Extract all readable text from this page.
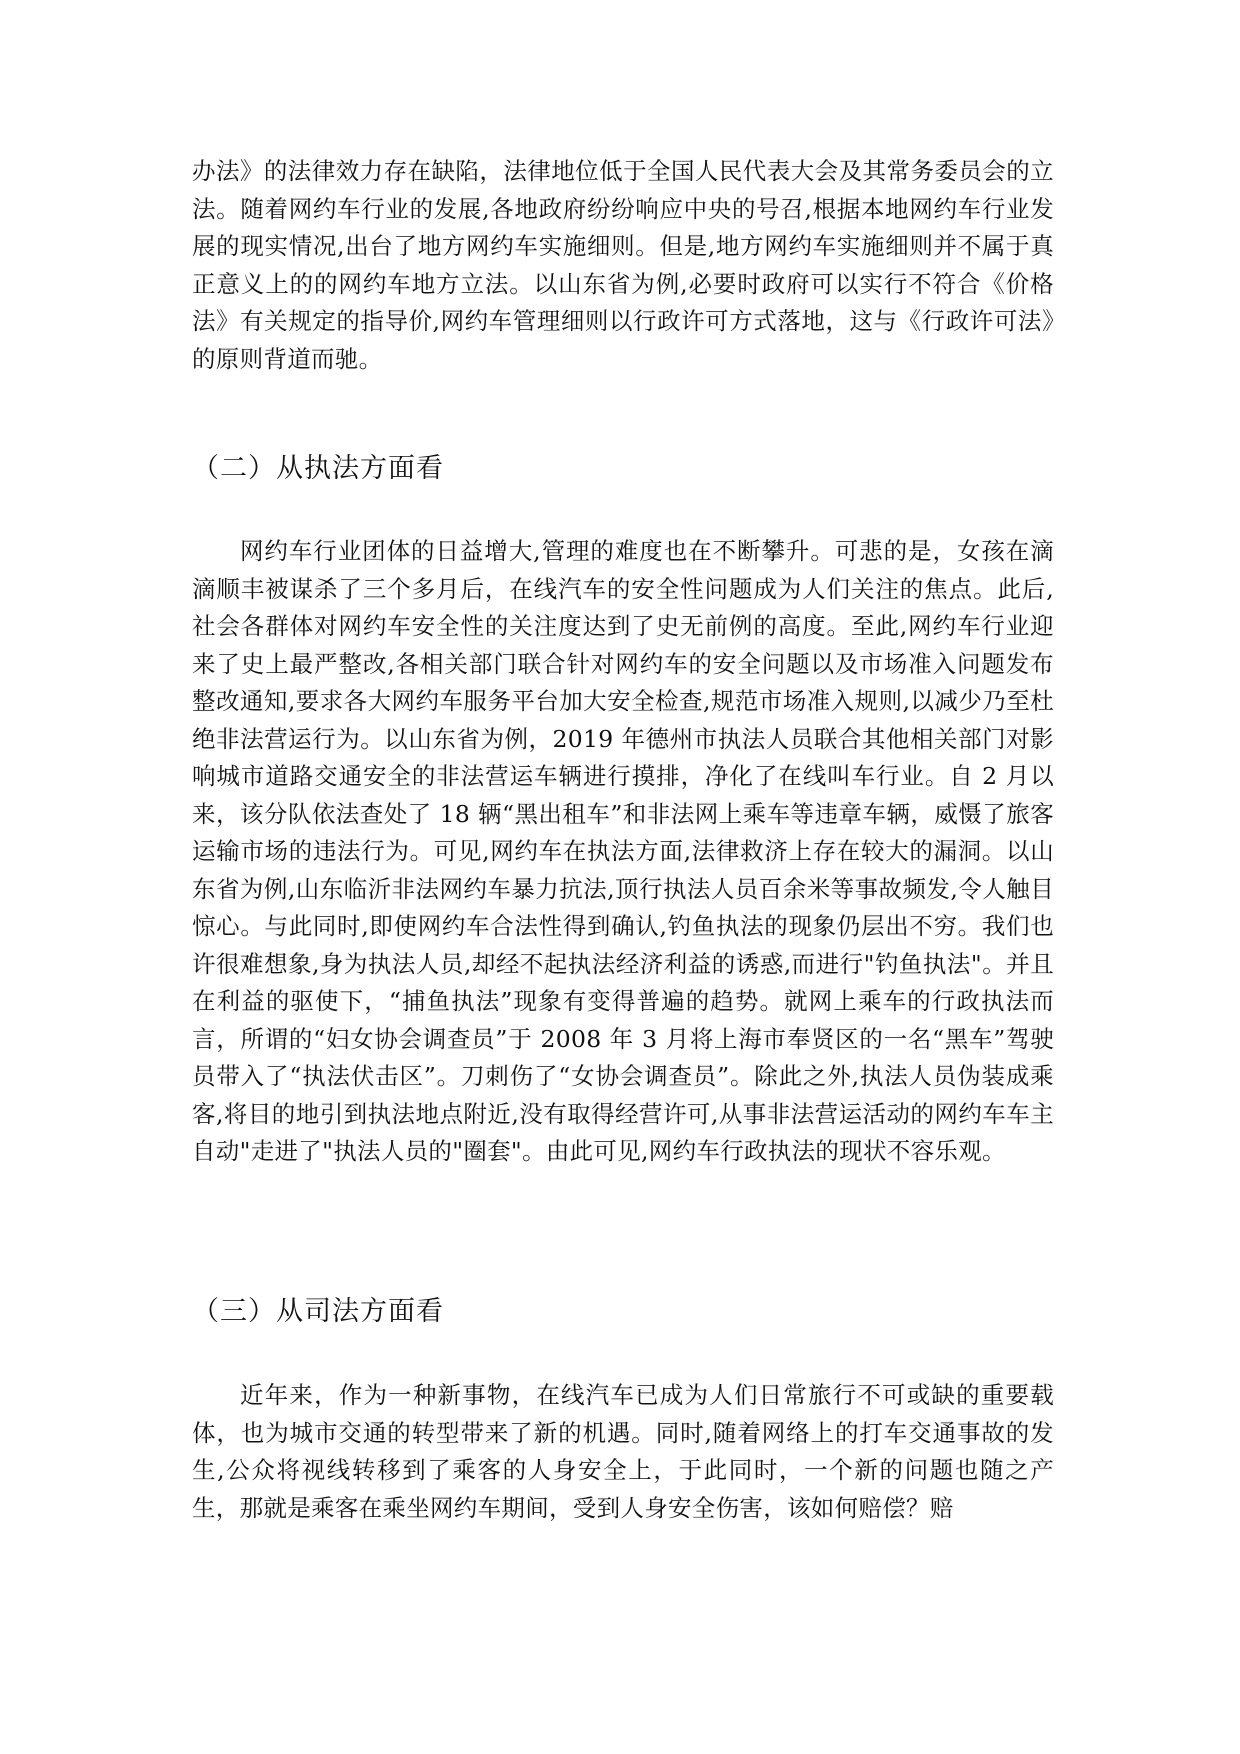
办法》的法律效力存在缺陷，法律地位低于全国人民代表大会及其常务委员会的立法。随着网约车行业的发展,各地政府纷纷响应中央的号召,根据本地网约车行业发展的现实情况,出台了地方网约车实施细则。但是,地方网约车实施细则并不属于真正意义上的的网约车地方立法。以山东省为例,必要时政府可以实行不符合《价格法》有关规定的指导价,网约车管理细则以行政许可方式落地，这与《行政许可法》的原则背道而驰。

（二）从执法方面看

网约车行业团体的日益增大,管理的难度也在不断攀升。可悲的是，女孩在滴滴顺丰被谋杀了三个多月后，在线汽车的安全性问题成为人们关注的焦点。此后,社会各群体对网约车安全性的关注度达到了史无前例的高度。至此,网约车行业迎来了史上最严整改,各相关部门联合针对网约车的安全问题以及市场准入问题发布整改通知,要求各大网约车服务平台加大安全检查,规范市场准入规则,以减少乃至杜绝非法营运行为。以山东省为例，2019 年德州市执法人员联合其他相关部门对影响城市道路交通安全的非法营运车辆进行摸排，净化了在线叫车行业。自 2 月以来，该分队依法查处了 18 辆“黑出租车”和非法网上乘车等违章车辆，威慑了旅客运输市场的违法行为。可见,网约车在执法方面,法律救济上存在较大的漏洞。以山东省为例,山东临沂非法网约车暴力抗法,顶行执法人员百余米等事故频发,令人触目惊心。与此同时,即使网约车合法性得到确认,钓鱼执法的现象仍层出不穷。我们也许很难想象,身为执法人员,却经不起执法经济利益的诱惑,而进行"钓鱼执法"。并且在利益的驱使下，“捕鱼执法”现象有变得普遍的趋势。就网上乘车的行政执法而言，所谓的“妇女协会调查员”于 2008 年 3 月将上海市奉贤区的一名“黑车”驾驶员带入了“执法伏击区”。刀刺伤了“女协会调查员”。除此之外,执法人员伪装成乘客,将目的地引到执法地点附近,没有取得经营许可,从事非法营运活动的网约车车主自动"走进了"执法人员的"圈套"。由此可见,网约车行政执法的现状不容乐观。

（三）从司法方面看

近年来，作为一种新事物，在线汽车已成为人们日常旅行不可或缺的重要载体，也为城市交通的转型带来了新的机遇。同时,随着网络上的打车交通事故的发生,公众将视线转移到了乘客的人身安全上，于此同时，一个新的问题也随之产生，那就是乘客在乘坐网约车期间，受到人身安全伤害，该如何赔偿？赔
